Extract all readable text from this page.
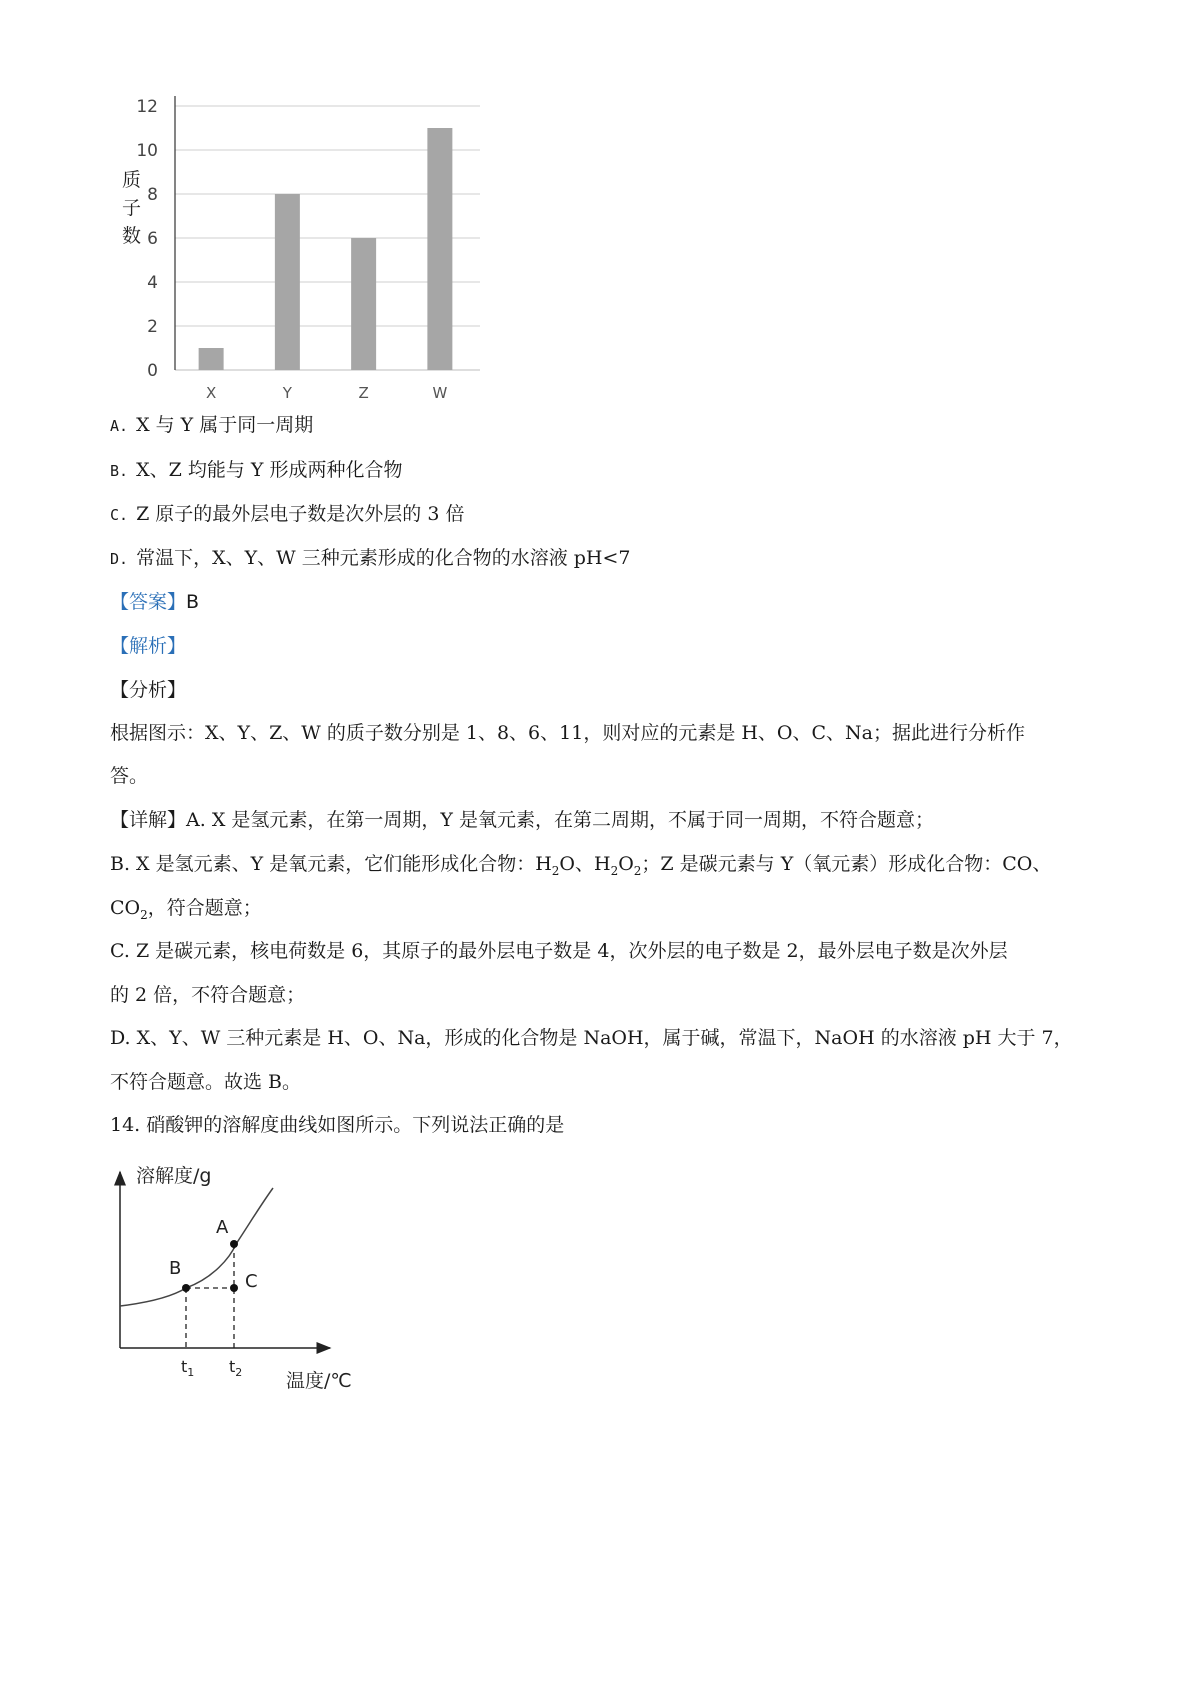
0
2
4
6
8
10
12
X	Y	Z	W
质
子
数
A. X 与 Y 属于同一周期
B. X、Z 均能与 Y 形成两种化合物
C. Z 原子的最外层电子数是次外层的 3 倍
D. 常温下，X、Y、W 三种元素形成的化合物的水溶液 pH<7
【答案】B
【解析】
【分析】
根据图示：X、Y、Z、W 的质子数分别是 1、8、6、11，则对应的元素是 H、O、C、Na；据此进行分析作
答。
【详解】A. X 是氢元素，在第一周期，Y 是氧元素，在第二周期，不属于同一周期，不符合题意；
B. X 是氢元素、Y 是氧元素，它们能形成化合物：$H_2O$、$H_2O_2$；Z 是碳元素与 Y（氧元素）形成化合物：CO、
$CO_2$，符合题意；
C. Z 是碳元素，核电荷数是 6，其原子的最外层电子数是 4，次外层的电子数是 2，最外层电子数是次外层
的 2 倍，不符合题意；
D. X、Y、W 三种元素是 H、O、Na，形成的化合物是 NaOH，属于碱，常温下，NaOH 的水溶液 pH 大于 7，
不符合题意。故选 B。
14. 硝酸钾的溶解度曲线如图所示。下列说法正确的是
A
B
C
溶解度/g
$t_1$ $t_2$ 温度/℃
